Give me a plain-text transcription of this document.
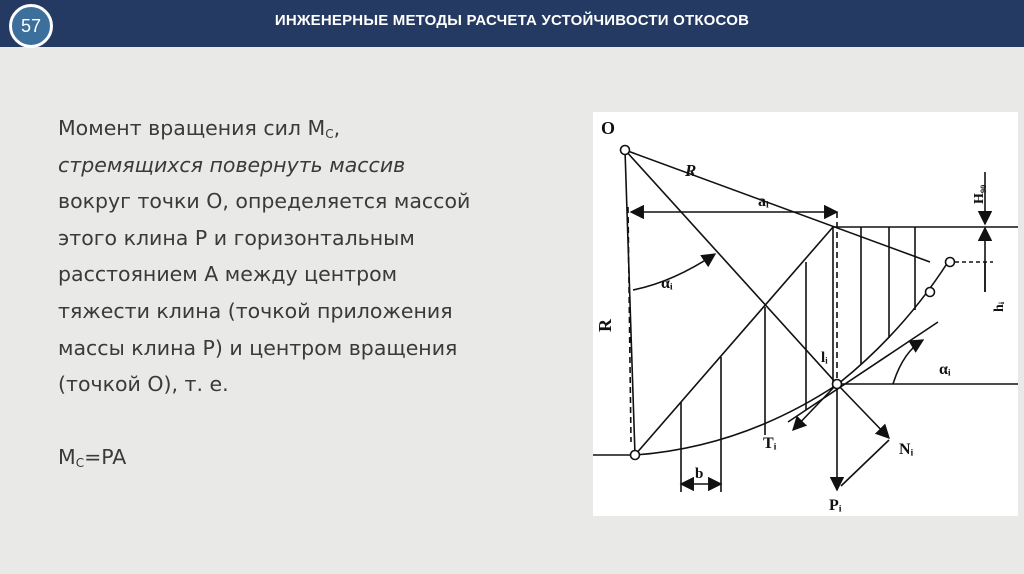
ИНЖЕНЕРНЫЕ МЕТОДЫ РАСЧЕТА УСТОЙЧИВОСТИ ОТКОСОВ
57
Момент вращения сил $M_C$,
стремящихся повернуть массив
вокруг точки О, определяется массой
этого клина Р и горизонтальным
расстоянием А между центром
тяжести клина (точкой приложения
массы клина Р) и центром вращения
(точкой О), т. е.
$M_C=PA$
O
R
R
aᵢ
αᵢ
αᵢ
H₉₀
hᵢ
lᵢ
Tᵢ	Nᵢ
Pᵢ
b
